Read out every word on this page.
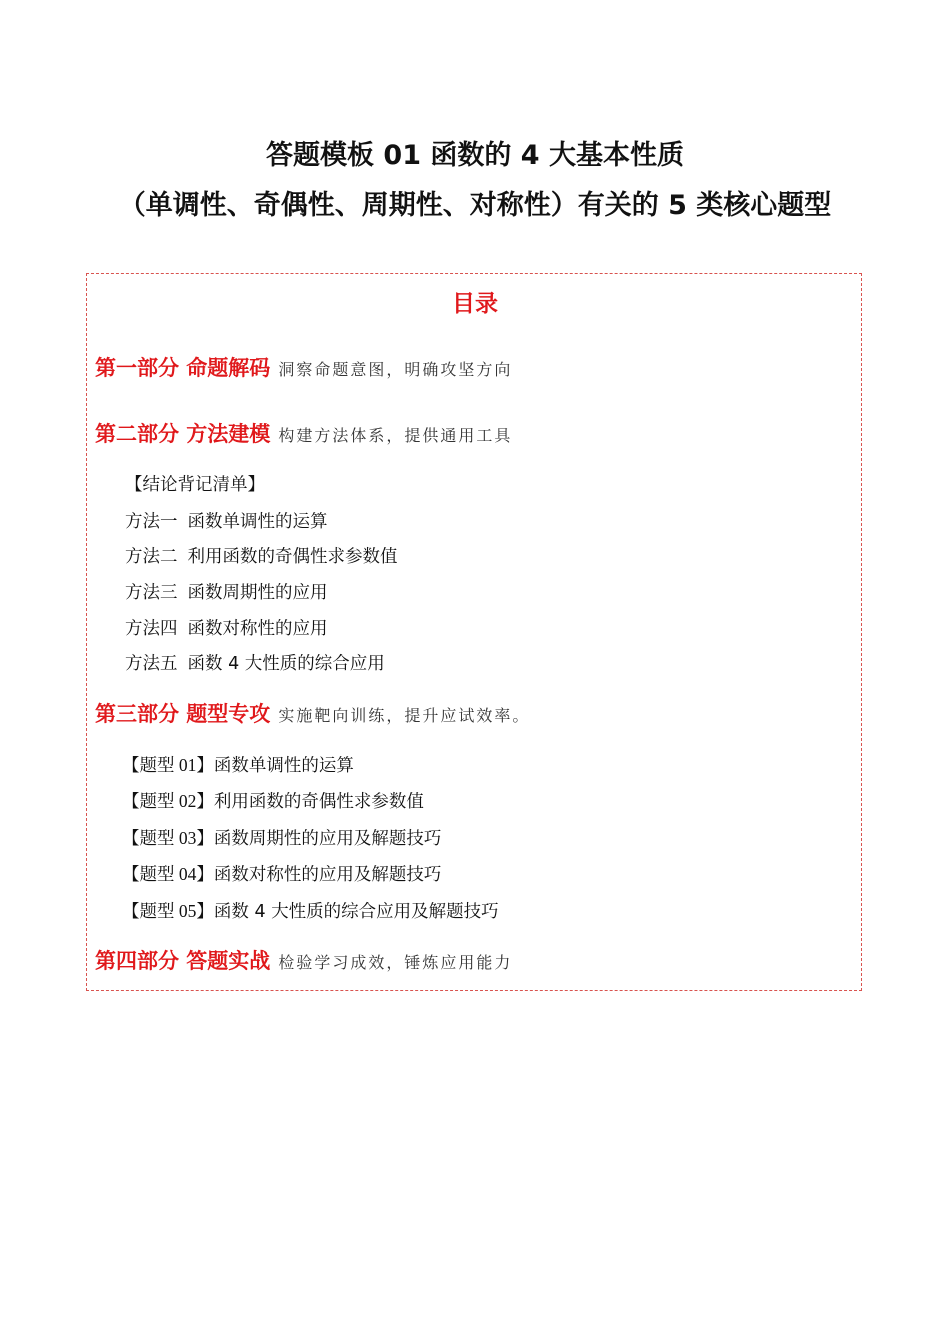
答题模板 01 函数的 4 大基本性质
（单调性、奇偶性、周期性、对称性）有关的 5 类核心题型
目录
第一部分 命题解码 洞察命题意图，明确攻坚方向
第二部分 方法建模 构建方法体系，提供通用工具
【结论背记清单】
方法一 函数单调性的运算
方法二 利用函数的奇偶性求参数值
方法三 函数周期性的应用
方法四 函数对称性的应用
方法五 函数 4 大性质的综合应用
第三部分 题型专攻 实施靶向训练，提升应试效率。
【题型 01】函数单调性的运算
【题型 02】利用函数的奇偶性求参数值
【题型 03】函数周期性的应用及解题技巧
【题型 04】函数对称性的应用及解题技巧
【题型 05】函数 4 大性质的综合应用及解题技巧
第四部分 答题实战 检验学习成效，锤炼应用能力
